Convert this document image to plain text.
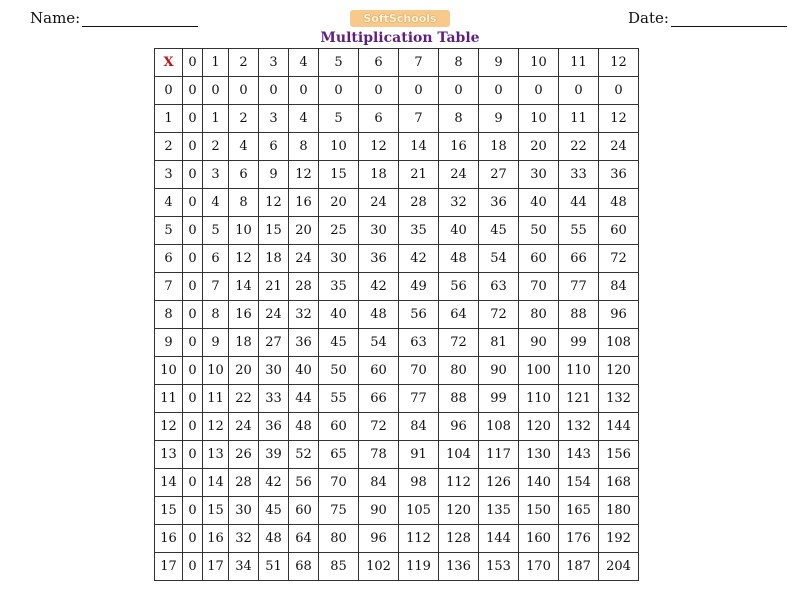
Name:	SoftSchools
Multiplication Table
Date:
X	0	1	2	3	4	5	6	7	8	9	10	11	12
0	0	0	0	0	0	0	0	0	0	0	0	0	0
1	0	1	2	3	4	5	6	7	8	9	10	11	12
2	0	2	4	6	8	10	12	14	16	18	20	22	24
3	0	3	6	9	12	15	18	21	24	27	30	33	36
4	0	4	8	12	16	20	24	28	32	36	40	44	48
5	0	5	10	15	20	25	30	35	40	45	50	55	60
6	0	6	12	18	24	30	36	42	48	54	60	66	72
7	0	7	14	21	28	35	42	49	56	63	70	77	84
8	0	8	16	24	32	40	48	56	64	72	80	88	96
9	0	9	18	27	36	45	54	63	72	81	90	99	108
10	0	10	20	30	40	50	60	70	80	90	100	110	120
11	0	11	22	33	44	55	66	77	88	99	110	121	132
12	0	12	24	36	48	60	72	84	96	108	120	132	144
13	0	13	26	39	52	65	78	91	104	117	130	143	156
14	0	14	28	42	56	70	84	98	112	126	140	154	168
15	0	15	30	45	60	75	90	105	120	135	150	165	180
16	0	16	32	48	64	80	96	112	128	144	160	176	192
17	0	17	34	51	68	85	102	119	136	153	170	187	204
